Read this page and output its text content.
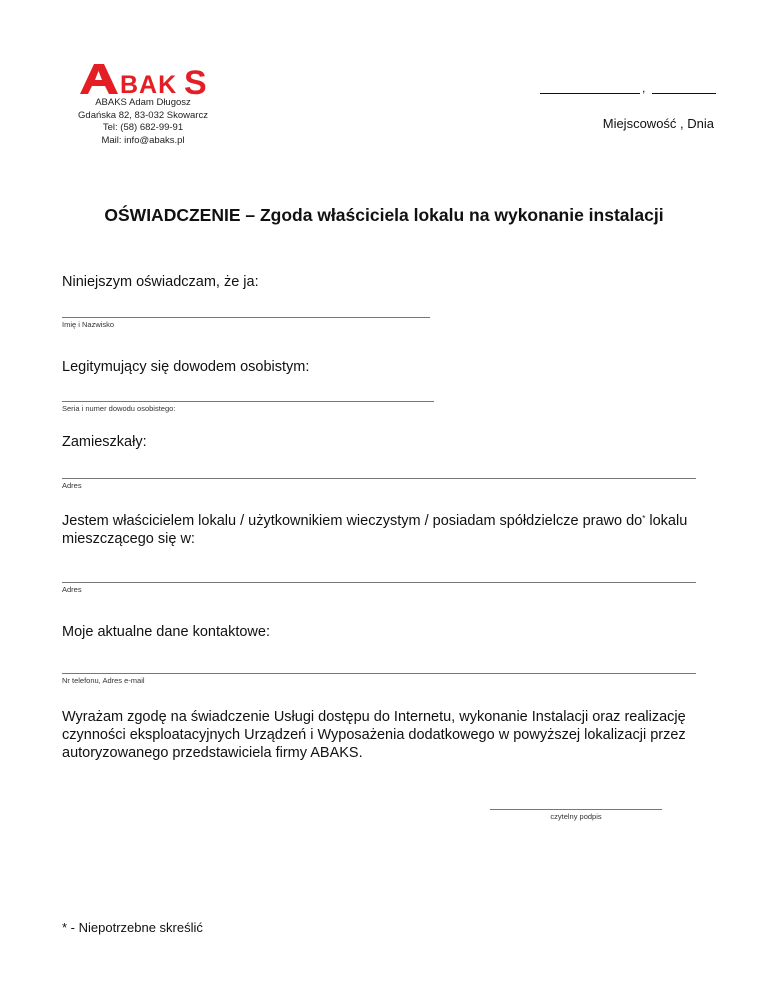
BAK S
ABAKS Adam Długosz
Gdańska 82, 83-032 Skowarcz
Tel: (58) 682-99-91
Mail: info@abaks.pl
,
Miejscowość , Dnia
OŚWIADCZENIE – Zgoda właściciela lokalu na wykonanie instalacji
Niniejszym oświadczam, że ja:
Imię i Nazwisko
Legitymujący się dowodem osobistym:
Seria i numer dowodu osobistego:
Zamieszkały:
Adres
Jestem właścicielem lokalu / użytkownikiem wieczystym / posiadam spółdzielcze prawo do* lokalu mieszczącego się w:
Adres
Moje aktualne dane kontaktowe:
Nr telefonu, Adres e-mail
Wyrażam zgodę na świadczenie Usługi dostępu do Internetu, wykonanie Instalacji oraz realizację czynności eksploatacyjnych Urządzeń i Wyposażenia dodatkowego w powyższej lokalizacji przez autoryzowanego przedstawiciela firmy ABAKS.
czytelny podpis
* - Niepotrzebne skreślić
